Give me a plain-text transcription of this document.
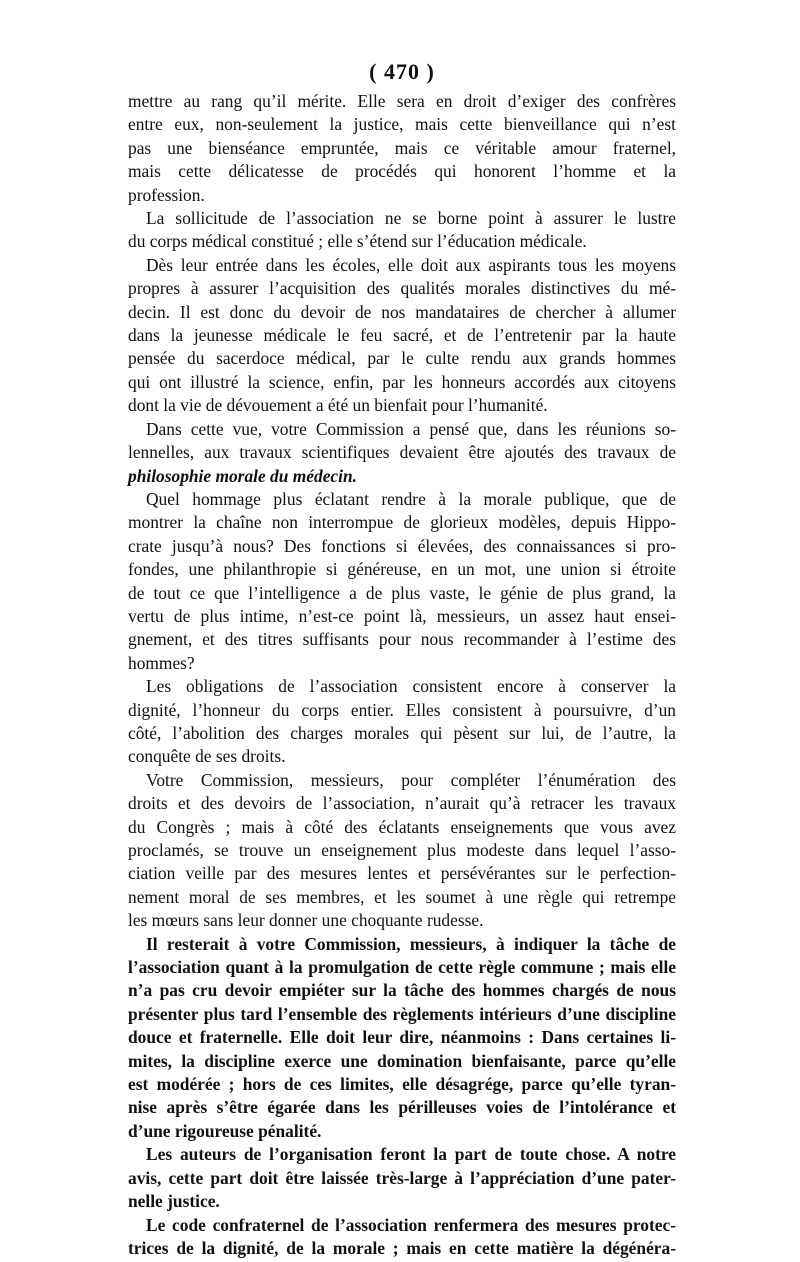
( 470 )
mettre au rang qu’il mérite. Elle sera en droit d’exiger des confrères
entre eux, non-seulement la justice, mais cette bienveillance qui n’est
pas une bienséance empruntée, mais ce véritable amour fraternel,
mais cette délicatesse de procédés qui honorent l’homme et la
profession.
La sollicitude de l’association ne se borne point à assurer le lustre
du corps médical constitué ; elle s’étend sur l’éducation médicale.
Dès leur entrée dans les écoles, elle doit aux aspirants tous les moyens
propres à assurer l’acquisition des qualités morales distinctives du mé-
decin. Il est donc du devoir de nos mandataires de chercher à allumer
dans la jeunesse médicale le feu sacré, et de l’entretenir par la haute
pensée du sacerdoce médical, par le culte rendu aux grands hommes
qui ont illustré la science, enfin, par les honneurs accordés aux citoyens
dont la vie de dévouement a été un bienfait pour l’humanité.
Dans cette vue, votre Commission a pensé que, dans les réunions so-
lennelles, aux travaux scientifiques devaient être ajoutés des travaux de
philosophie morale du médecin.
Quel hommage plus éclatant rendre à la morale publique, que de
montrer la chaîne non interrompue de glorieux modèles, depuis Hippo-
crate jusqu’à nous? Des fonctions si élevées, des connaissances si pro-
fondes, une philanthropie si généreuse, en un mot, une union si étroite
de tout ce que l’intelligence a de plus vaste, le génie de plus grand, la
vertu de plus intime, n’est-ce point là, messieurs, un assez haut ensei-
gnement, et des titres suffisants pour nous recommander à l’estime des
hommes?
Les obligations de l’association consistent encore à conserver la
dignité, l’honneur du corps entier. Elles consistent à poursuivre, d’un
côté, l’abolition des charges morales qui pèsent sur lui, de l’autre, la
conquête de ses droits.
Votre Commission, messieurs, pour compléter l’énumération des
droits et des devoirs de l’association, n’aurait qu’à retracer les travaux
du Congrès ; mais à côté des éclatants enseignements que vous avez
proclamés, se trouve un enseignement plus modeste dans lequel l’asso-
ciation veille par des mesures lentes et persévérantes sur le perfection-
nement moral de ses membres, et les soumet à une règle qui retrempe
les mœurs sans leur donner une choquante rudesse.
Il resterait à votre Commission, messieurs, à indiquer la tâche de
l’association quant à la promulgation de cette règle commune ; mais elle
n’a pas cru devoir empiéter sur la tâche des hommes chargés de nous
présenter plus tard l’ensemble des règlements intérieurs d’une discipline
douce et fraternelle. Elle doit leur dire, néanmoins : Dans certaines li-
mites, la discipline exerce une domination bienfaisante, parce qu’elle
est modérée ; hors de ces limites, elle désagrége, parce qu’elle tyran-
nise après s’être égarée dans les périlleuses voies de l’intolérance et
d’une rigoureuse pénalité.
Les auteurs de l’organisation feront la part de toute chose. A notre
avis, cette part doit être laissée très-large à l’appréciation d’une pater-
nelle justice.
Le code confraternel de l’association renfermera des mesures protec-
trices de la dignité, de la morale ; mais en cette matière la dégénéra-
